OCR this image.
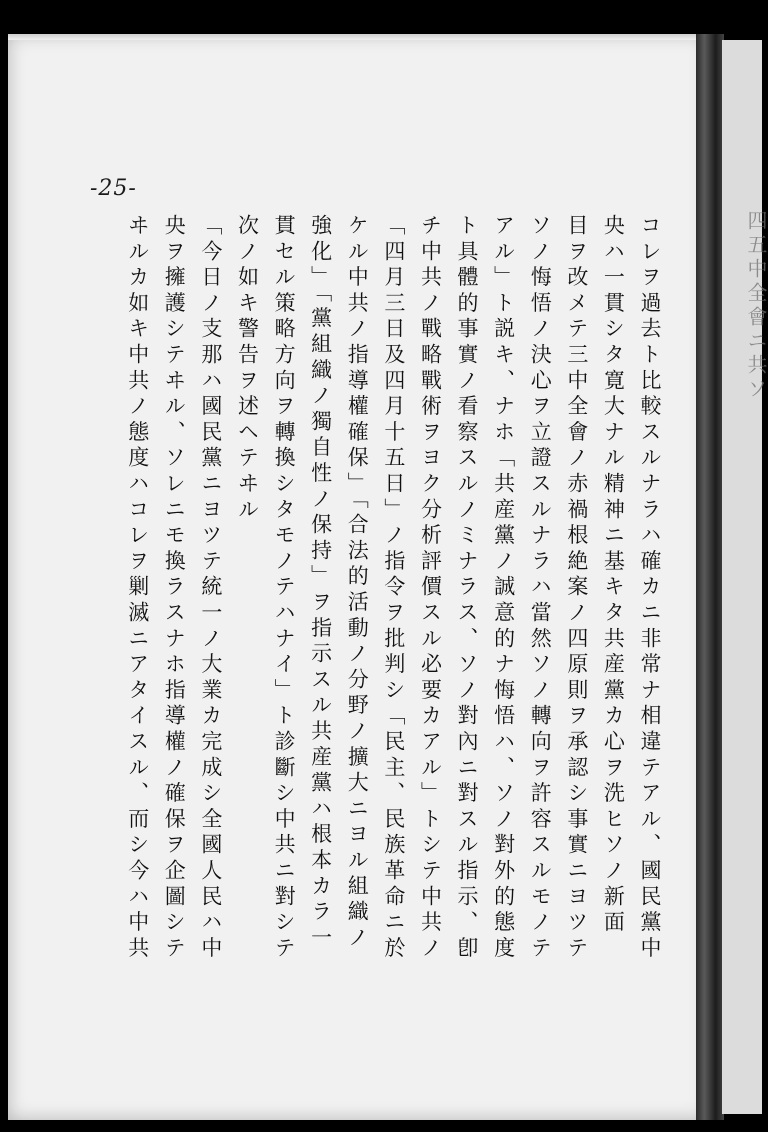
四五中全會ニ共ソ
-25-
コレヲ過去ト比較スルナラハ確カニ非常ナ相違テアル、國民黨中
央ハ一貫シタ寛大ナル精神ニ基キタ共産黨カ心ヲ洗ヒソノ新面
目ヲ改メテ三中全會ノ赤禍根絶案ノ四原則ヲ承認シ事實ニヨツテ
ソノ悔悟ノ決心ヲ立證スルナラハ當然ソノ轉向ヲ許容スルモノテ
アル」ト説キ、ナホ「共産黨ノ誠意的ナ悔悟ハ、ソノ對外的態度
ト具體的事實ノ看察スルノミナラス、ソノ對內ニ對スル指示、卽
チ中共ノ戰略戰術ヲヨク分析評價スル必要カアル」トシテ中共ノ
「四月三日及四月十五日」ノ指令ヲ批判シ「民主、民族革命ニ於
ケル中共ノ指導權確保」「合法的活動ノ分野ノ擴大ニヨル組織ノ
強化」「黨組織ノ獨自性ノ保持」ヲ指示スル共産黨ハ根本カラ一
貫セル策略方向ヲ轉換シタモノテハナイ」ト診斷シ中共ニ對シテ
次ノ如キ警告ヲ述ヘテヰル
「今日ノ支那ハ國民黨ニヨツテ統一ノ大業カ完成シ全國人民ハ中
央ヲ擁護シテヰル、ソレニモ換ラスナホ指導權ノ確保ヲ企圖シテ
ヰルカ如キ中共ノ態度ハコレヲ剿滅ニアタイスル、而シ今ハ中共
